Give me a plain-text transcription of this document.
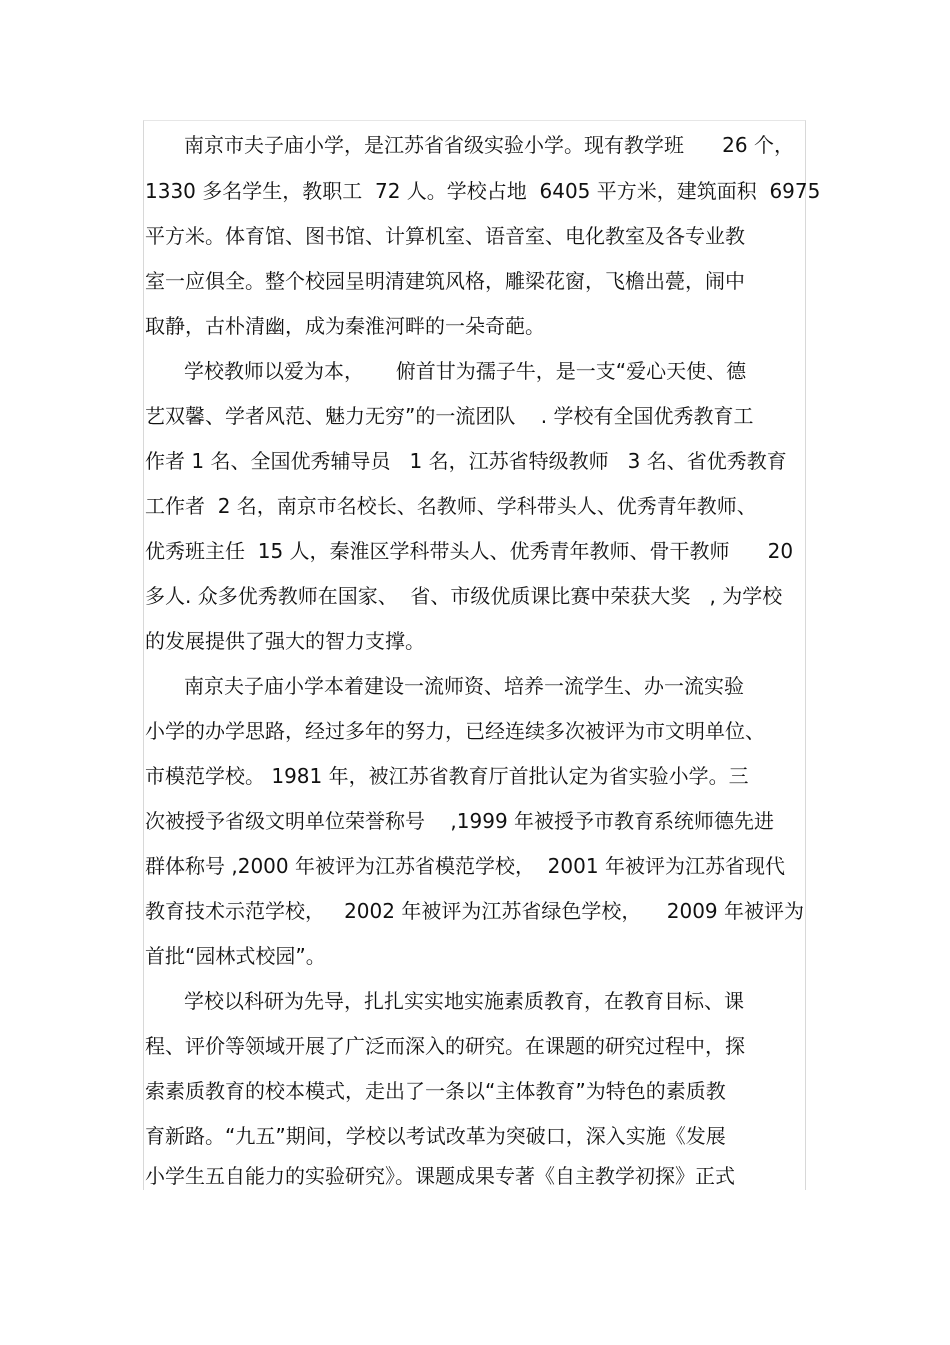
南京市夫子庙小学，是江苏省省级实验小学。现有教学班      26 个，
1330 多名学生，教职工  72 人。学校占地  6405 平方米，建筑面积  6975
平方米。体育馆、图书馆、计算机室、语音室、电化教室及各专业教
室一应俱全。整个校园呈明清建筑风格，雕梁花窗，飞檐出甍，闹中
取静，古朴清幽，成为秦淮河畔的一朵奇葩。
学校教师以爱为本，     俯首甘为孺子牛，是一支“爱心天使、德
艺双馨、学者风范、魅力无穷”的一流团队    . 学校有全国优秀教育工
作者 1 名、全国优秀辅导员   1 名，江苏省特级教师   3 名、省优秀教育
工作者  2 名，南京市名校长、名教师、学科带头人、优秀青年教师、
优秀班主任  15 人，秦淮区学科带头人、优秀青年教师、骨干教师      20
多人. 众多优秀教师在国家、  省、市级优质课比赛中荣获大奖   , 为学校
的发展提供了强大的智力支撑。
南京夫子庙小学本着建设一流师资、培养一流学生、办一流实验
小学的办学思路，经过多年的努力，已经连续多次被评为市文明单位、
市模范学校。 1981 年，被江苏省教育厅首批认定为省实验小学。三
次被授予省级文明单位荣誉称号    ,1999 年被授予市教育系统师德先进
群体称号 ,2000 年被评为江苏省模范学校，  2001 年被评为江苏省现代
教育技术示范学校，   2002 年被评为江苏省绿色学校，    2009 年被评为
首批“园林式校园”。
学校以科研为先导，扎扎实实地实施素质教育，在教育目标、课
程、评价等领域开展了广泛而深入的研究。在课题的研究过程中，探
索素质教育的校本模式，走出了一条以“主体教育”为特色的素质教
育新路。“九五”期间，学校以考试改革为突破口，深入实施《发展
小学生五自能力的实验研究》。课题成果专著《自主教学初探》正式
